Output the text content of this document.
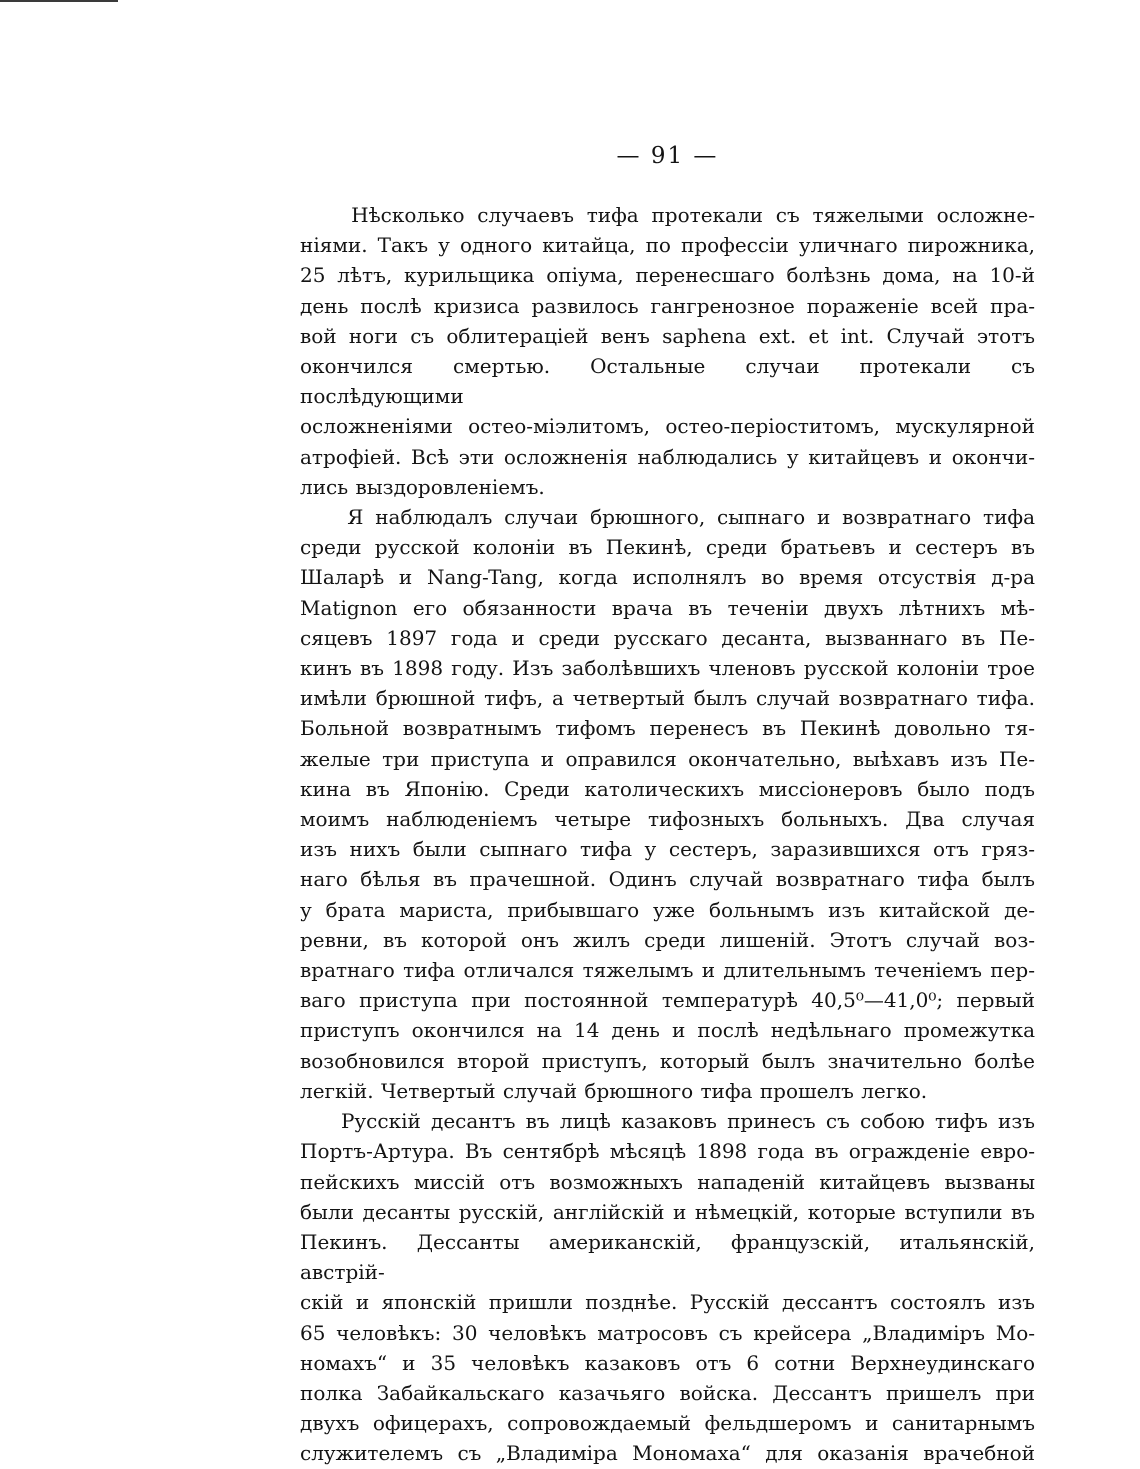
— 91 —

Нѣсколько случаевъ тифа протекали съ тяжелыми осложне-
ніями. Такъ у одного китайца, по профессіи уличнаго пирожника,
25 лѣтъ, курильщика опіума, перенесшаго болѣзнь дома, на 10-й
день послѣ кризиса развилось гангренозное пораженіе всей пра-
вой ноги съ облитераціей венъ saphena ext. et int. Случай этотъ
окончился смертью. Остальные случаи протекали съ послѣдующими
осложненіями остео-міэлитомъ, остео-періоститомъ, мускулярной
атрофіей. Всѣ эти осложненія наблюдались у китайцевъ и окончи-
лись выздоровленіемъ.

Я наблюдалъ случаи брюшного, сыпнаго и возвратнаго тифа
среди русской колоніи въ Пекинѣ, среди братьевъ и сестеръ въ
Шаларѣ и Nang-Tang, когда исполнялъ во время отсуствія д-ра
Matignon его обязанности врача въ теченіи двухъ лѣтнихъ мѣ-
сяцевъ 1897 года и среди русскаго десанта, вызваннаго въ Пе-
кинъ въ 1898 году. Изъ заболѣвшихъ членовъ русской колоніи трое
имѣли брюшной тифъ, а четвертый былъ случай возвратнаго тифа.
Больной возвратнымъ тифомъ перенесъ въ Пекинѣ довольно тя-
желые три приступа и оправился окончательно, выѣхавъ изъ Пе-
кина въ Японію. Среди католическихъ миссіонеровъ было подъ
моимъ наблюденіемъ четыре тифозныхъ больныхъ. Два случая
изъ нихъ были сыпнаго тифа у сестеръ, заразившихся отъ гряз-
наго бѣлья въ прачешной. Одинъ случай возвратнаго тифа былъ
у брата мариста, прибывшаго уже больнымъ изъ китайской де-
ревни, въ которой онъ жилъ среди лишеній. Этотъ случай воз-
вратнаго тифа отличался тяжелымъ и длительнымъ теченіемъ пер-
ваго приступа при постоянной температурѣ 40,5⁰—41,0⁰; первый
приступъ окончился на 14 день и послѣ недѣльнаго промежутка
возобновился второй приступъ, который былъ значительно болѣе
легкій. Четвертый случай брюшного тифа прошелъ легко.

Русскій десантъ въ лицѣ казаковъ принесъ съ собою тифъ изъ
Портъ-Артура. Въ сентябрѣ мѣсяцѣ 1898 года въ огражденіе евро-
пейскихъ миссій отъ возможныхъ нападеній китайцевъ вызваны
были десанты русскій, англійскій и нѣмецкій, которые вступили въ
Пекинъ. Дессанты американскій, французскій, итальянскій, австрій-
скій и японскій пришли позднѣе. Русскій дессантъ состоялъ изъ
65 человѣкъ: 30 человѣкъ матросовъ съ крейсера „Владиміръ Мо-
номахъ“ и 35 человѣкъ казаковъ отъ 6 сотни Верхнеудинскаго
полка Забайкальскаго казачьяго войска. Дессантъ пришелъ при
двухъ офицерахъ, сопровождаемый фельдшеромъ и санитарнымъ
служителемъ съ „Владиміра Мономаха“ для оказанія врачебной
